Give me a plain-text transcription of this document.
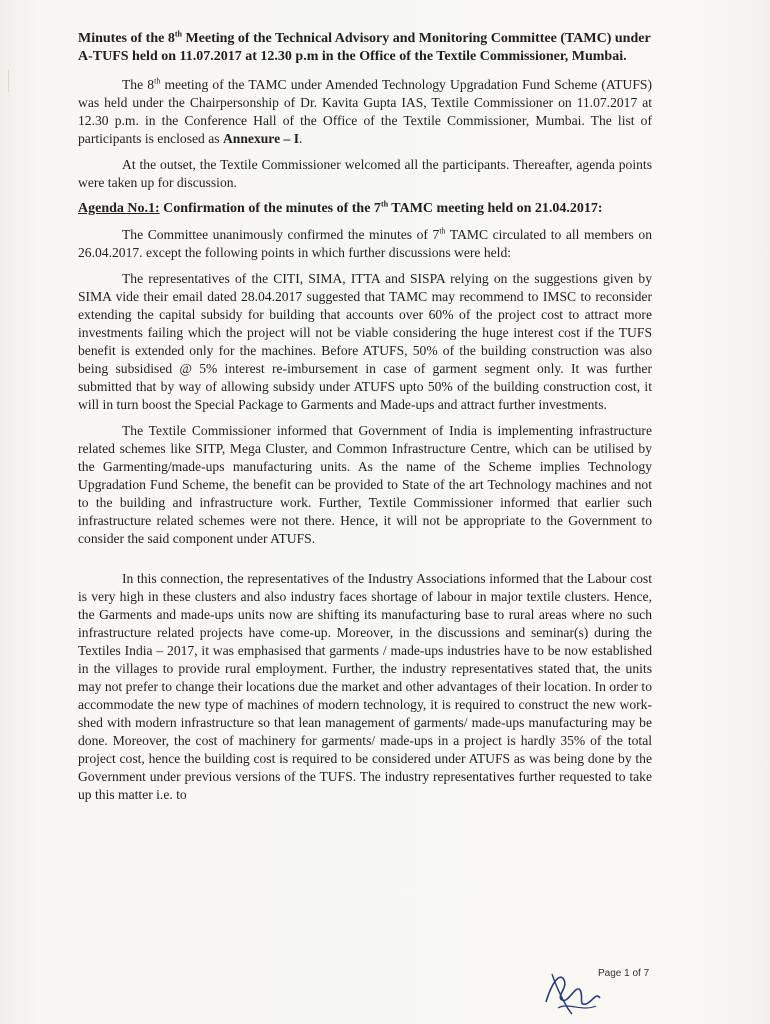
Minutes of the 8th Meeting of the Technical Advisory and Monitoring Committee (TAMC) under A-TUFS held on 11.07.2017 at 12.30 p.m in the Office of the Textile Commissioner, Mumbai.

The 8th meeting of the TAMC under Amended Technology Upgradation Fund Scheme (ATUFS) was held under the Chairpersonship of Dr. Kavita Gupta IAS, Textile Commissioner on 11.07.2017 at 12.30 p.m. in the Conference Hall of the Office of the Textile Commissioner, Mumbai. The list of participants is enclosed as Annexure – I.

At the outset, the Textile Commissioner welcomed all the participants. Thereafter, agenda points were taken up for discussion.

Agenda No.1: Confirmation of the minutes of the 7th TAMC meeting held on 21.04.2017:

The Committee unanimously confirmed the minutes of 7th TAMC circulated to all members on 26.04.2017. except the following points in which further discussions were held:

The representatives of the CITI, SIMA, ITTA and SISPA relying on the suggestions given by SIMA vide their email dated 28.04.2017 suggested that TAMC may recommend to IMSC to reconsider extending the capital subsidy for building that accounts over 60% of the project cost to attract more investments failing which the project will not be viable considering the huge interest cost if the TUFS benefit is extended only for the machines. Before ATUFS, 50% of the building construction was also being subsidised @ 5% interest re-imbursement in case of garment segment only. It was further submitted that by way of allowing subsidy under ATUFS upto 50% of the building construction cost, it will in turn boost the Special Package to Garments and Made-ups and attract further investments.

The Textile Commissioner informed that Government of India is implementing infrastructure related schemes like SITP, Mega Cluster, and Common Infrastructure Centre, which can be utilised by the Garmenting/made-ups manufacturing units. As the name of the Scheme implies Technology Upgradation Fund Scheme, the benefit can be provided to State of the art Technology machines and not to the building and infrastructure work. Further, Textile Commissioner informed that earlier such infrastructure related schemes were not there. Hence, it will not be appropriate to the Government to consider the said component under ATUFS.

In this connection, the representatives of the Industry Associations informed that the Labour cost is very high in these clusters and also industry faces shortage of labour in major textile clusters. Hence, the Garments and made-ups units now are shifting its manufacturing base to rural areas where no such infrastructure related projects have come-up. Moreover, in the discussions and seminar(s) during the Textiles India – 2017, it was emphasised that garments / made-ups industries have to be now established in the villages to provide rural employment. Further, the industry representatives stated that, the units may not prefer to change their locations due the market and other advantages of their location. In order to accommodate the new type of machines of modern technology, it is required to construct the new work-shed with modern infrastructure so that lean management of garments/ made-ups manufacturing may be done. Moreover, the cost of machinery for garments/ made-ups in a project is hardly 35% of the total project cost, hence the building cost is required to be considered under ATUFS as was being done by the Government under previous versions of the TUFS. The industry representatives further requested to take up this matter i.e. to

Page 1 of 7
